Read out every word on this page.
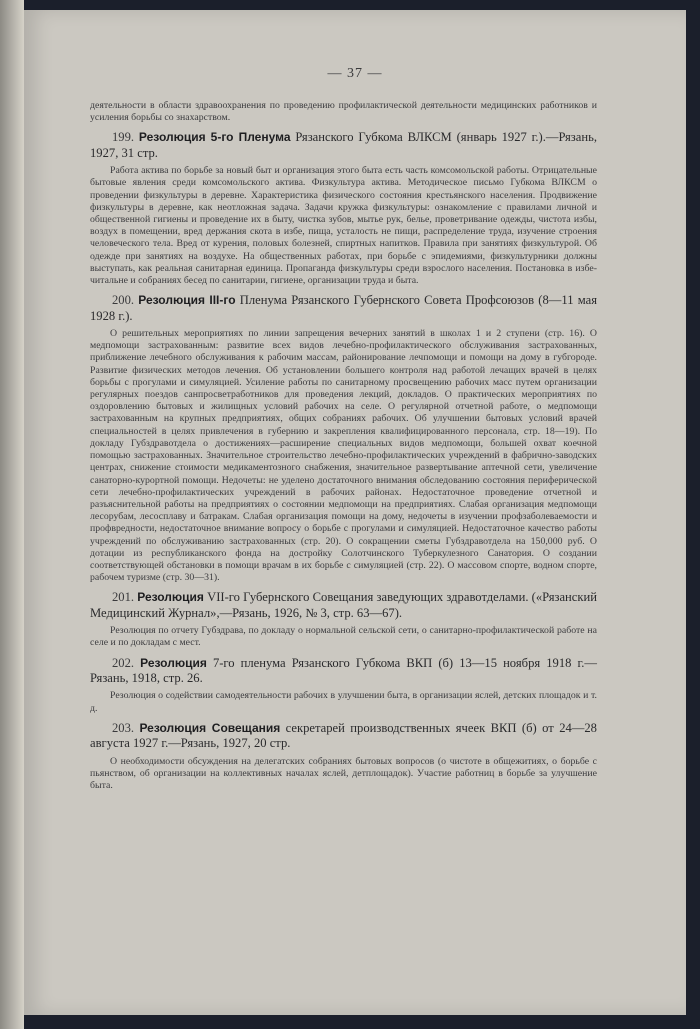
— 37 —

деятельности в области здравоохранения по проведению профилактической деятельности медицинских работников и усиления борьбы со знахарством.

199. Резолюция 5-го Пленума Рязанского Губкома ВЛКСМ (январь 1927 г.).—Рязань, 1927, 31 стр.

Работа актива по борьбе за новый быт и организация этого быта есть часть комсомольской работы. Отрицательные бытовые явления среди комсомольского актива. Физкультура актива. Методическое письмо Губкома ВЛКСМ о проведении физкультуры в деревне. Характеристика физического состояния крестьянского населения. Продвижение физкультуры в деревне, как неотложная задача. Задачи кружка физкультуры: ознакомление с правилами личной и общественной гигиены и проведение их в быту, чистка зубов, мытье рук, белье, проветривание одежды, чистота избы, воздух в помещении, вред держания скота в избе, пища, усталость не пищи, распределение труда, изучение строения человеческого тела. Вред от курения, половых болезней, спиртных напитков. Правила при занятиях физкультурой. Об одежде при занятиях на воздухе. На общественных работах, при борьбе с эпидемиями, физкультурники должны выступать, как реальная санитарная единица. Пропаганда физкультуры среди взрослого населения. Постановка в избе-читальне и собраниях бесед по санитарии, гигиене, организации труда и быта.

200. Резолюция III-го Пленума Рязанского Губернского Совета Профсоюзов (8—11 мая 1928 г.).

О решительных мероприятиях по линии запрещения вечерних занятий в школах 1 и 2 ступени (стр. 16). О медпомощи застрахованным: развитие всех видов лечебно-профилактического обслуживания застрахованных, приближение лечебного обслуживания к рабочим массам, районирование лечпомощи и помощи на дому в губгороде. Развитие физических методов лечения. Об установлении большего контроля над работой лечащих врачей в целях борьбы с прогулами и симуляцией. Усиление работы по санитарному просвещению рабочих масс путем организации регулярных поездов санпросветработников для проведения лекций, докладов. О практических мероприятиях по оздоровлению бытовых и жилищных условий рабочих на селе. О регулярной отчетной работе, о медпомощи застрахованным на крупных предприятиях, общих собраниях рабочих. Об улучшении бытовых условий врачей специальностей в целях привлечения в губернию и закрепления квалифицированного персонала, стр. 18—19). По докладу Губздравотдела о достижениях—расширение специальных видов медпомощи, большей охват коечной помощью застрахованных. Значительное строительство лечебно-профилактических учреждений в фабрично-заводских центрах, снижение стоимости медикаментозного снабжения, значительное развертывание аптечной сети, увеличение санаторно-курортной помощи. Недочеты: не уделено достаточного внимания обследованию состояния периферической сети лечебно-профилактических учреждений в рабочих районах. Недостаточное проведение отчетной и разъяснительной работы на предприятиях о состоянии медпомощи на предприятиях. Слабая организация медпомощи лесорубам, лесосплаву и батракам. Слабая организация помощи на дому, недочеты в изучении профзаболеваемости и профвредности, недостаточное внимание вопросу о борьбе с прогулами и симуляцией. Недостаточное качество работы учреждений по обслуживанию застрахованных (стр. 20). О сокращении сметы Губздравотдела на 150,000 руб. О дотации из республиканского фонда на достройку Солотчинского Туберкулезного Санатория. О создании соответствующей обстановки в помощи врачам в их борьбе с симуляцией (стр. 22). О массовом спорте, водном спорте, рабочем туризме (стр. 30—31).

201. Резолюция VII-го Губернского Совещания заведующих здравотделами. («Рязанский Медицинский Журнал»,—Рязань, 1926, № 3, стр. 63—67).

Резолюция по отчету Губздрава, по докладу о нормальной сельской сети, о санитарно-профилактической работе на селе и по докладам с мест.

202. Резолюция 7-го пленума Рязанского Губкома ВКП (б) 13—15 ноября 1918 г.—Рязань, 1918, стр. 26.

Резолюция о содействии самодеятельности рабочих в улучшении быта, в организации яслей, детских площадок и т. д.

203. Резолюция Совещания секретарей производственных ячеек ВКП (б) от 24—28 августа 1927 г.—Рязань, 1927, 20 стр.

О необходимости обсуждения на делегатских собраниях бытовых вопросов (о чистоте в общежитиях, о борьбе с пьянством, об организации на коллективных началах яслей, детплощадок). Участие работниц в борьбе за улучшение быта.
